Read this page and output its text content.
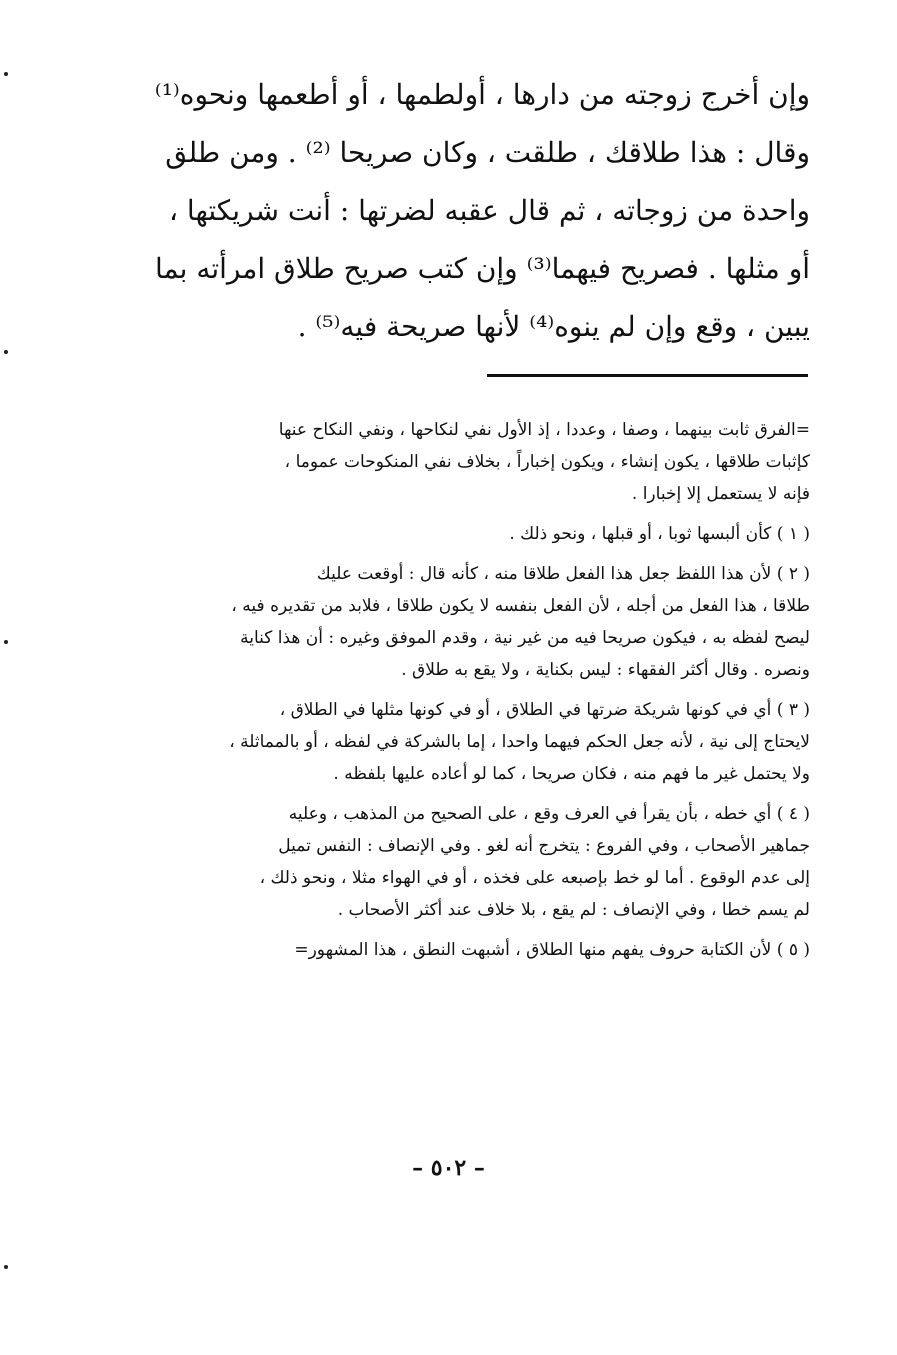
وإن أخرج زوجته من دارها ، أولطمها ، أو أطعمها ونحوه⁽¹⁾
وقال : هذا طلاقك ، طلقت ، وكان صريحا ⁽²⁾ . ومن طلق
واحدة من زوجاته ، ثم قال عقبه لضرتها : أنت شريكتها ،
أو مثلها . فصريح فيهما⁽³⁾ وإن كتب صريح طلاق امرأته بما
يبين ، وقع وإن لم ينوه⁽⁴⁾ لأنها صريحة فيه⁽⁵⁾ .
=الفرق ثابت بينهما ، وصفا ، وعددا ، إذ الأول نفي لنكاحها ، ونفي النكاح عنها
كإثبات طلاقها ، يكون إنشاء ، ويكون إخباراً ، بخلاف نفي المنكوحات عموما ،
فإنه لا يستعمل إلا إخبارا .
( ١ ) كأن ألبسها ثوبا ، أو قبلها ، ونحو ذلك .
( ٢ ) لأن هذا اللفظ جعل هذا الفعل طلاقا منه ، كأنه قال : أوقعت عليك
طلاقا ، هذا الفعل من أجله ، لأن الفعل بنفسه لا يكون طلاقا ، فلابد من تقديره فيه ،
ليصح لفظه به ، فيكون صريحا فيه من غير نية ، وقدم الموفق وغيره : أن هذا كناية
ونصره . وقال أكثر الفقهاء : ليس بكناية ، ولا يقع به طلاق .
( ٣ ) أي في كونها شريكة ضرتها في الطلاق ، أو في كونها مثلها في الطلاق ،
لايحتاج إلى نية ، لأنه جعل الحكم فيهما واحدا ، إما بالشركة في لفظه ، أو بالمماثلة ،
ولا يحتمل غير ما فهم منه ، فكان صريحا ، كما لو أعاده عليها بلفظه .
( ٤ ) أي خطه ، بأن يقرأ في العرف وقع ، على الصحيح من المذهب ، وعليه
جماهير الأصحاب ، وفي الفروع : يتخرج أنه لغو . وفي الإنصاف : النفس تميل
إلى عدم الوقوع . أما لو خط بإصبعه على فخذه ، أو في الهواء مثلا ، ونحو ذلك ،
لم يسم خطا ، وفي الإنصاف : لم يقع ، بلا خلاف عند أكثر الأصحاب .
( ٥ ) لأن الكتابة حروف يفهم منها الطلاق ، أشبهت النطق ، هذا المشهور=
– ٥٠٢ –
